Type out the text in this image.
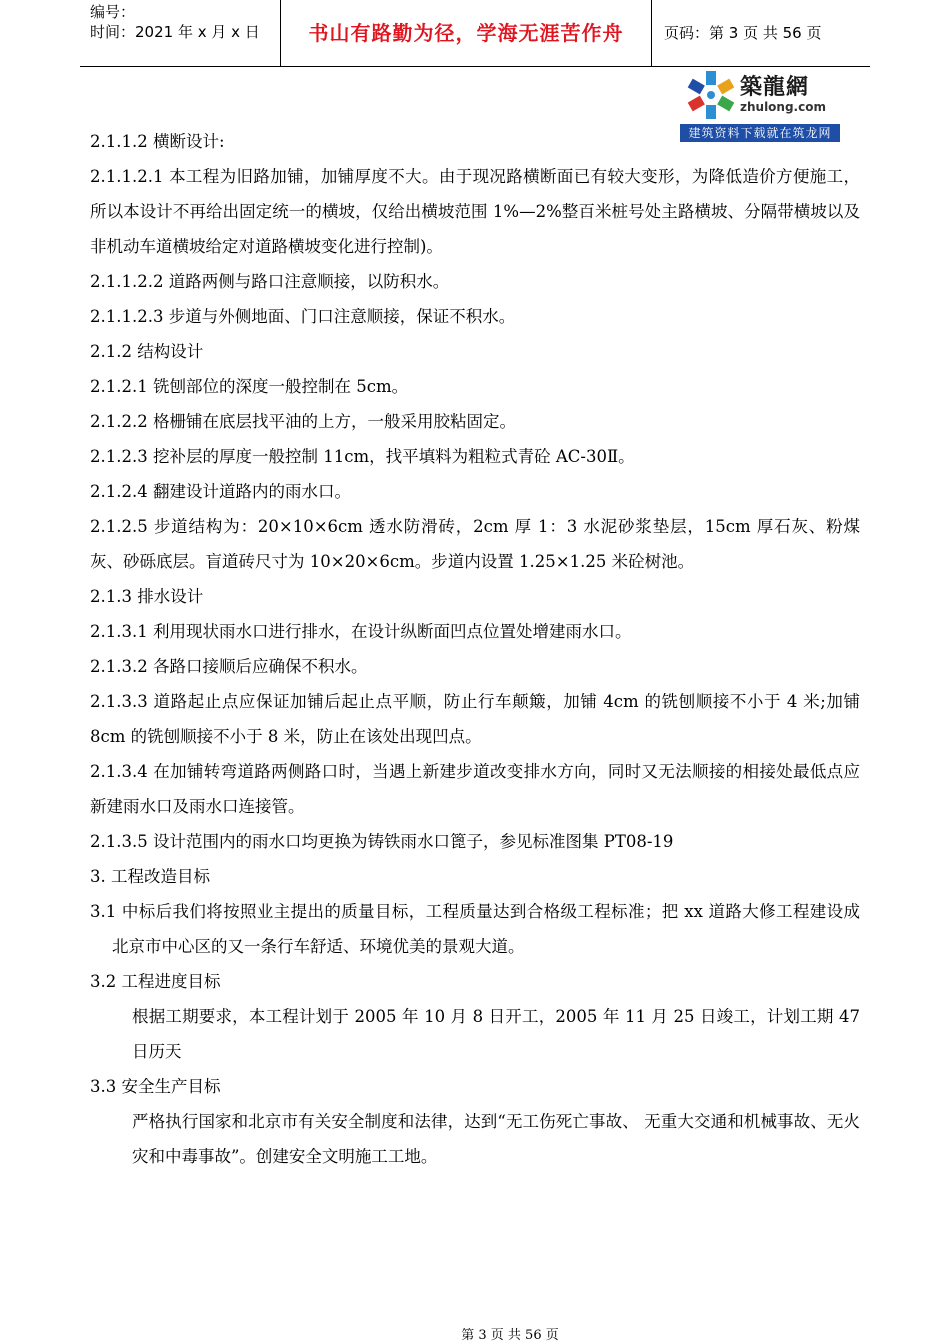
编号：
时间：2021 年 x 月 x 日	书山有路勤为径，学海无涯苦作舟	页码：第 3 页 共 56 页
築龍網
zhulong.com
建筑资料下载就在筑龙网

2.1.1.2 横断设计:

2.1.1.2.1 本工程为旧路加铺，加铺厚度不大。由于现况路横断面已有较大变形，为降低造价方便施工，所以本设计不再给出固定统一的横坡，仅给出横坡范围 1%—2%整百米桩号处主路横坡、分隔带横坡以及非机动车道横坡给定对道路横坡变化进行控制)。

2.1.1.2.2 道路两侧与路口注意顺接，以防积水。

2.1.1.2.3 步道与外侧地面、门口注意顺接，保证不积水。

2.1.2 结构设计

2.1.2.1 铣刨部位的深度一般控制在 5cm。

2.1.2.2 格栅铺在底层找平油的上方，一般采用胶粘固定。

2.1.2.3 挖补层的厚度一般控制 11cm，找平填料为粗粒式青砼 AC-30Ⅱ。

2.1.2.4 翻建设计道路内的雨水口。

2.1.2.5 步道结构为：20×10×6cm 透水防滑砖，2cm 厚 1：3 水泥砂浆垫层，15cm 厚石灰、粉煤灰、砂砾底层。盲道砖尺寸为 10×20×6cm。步道内设置 1.25×1.25 米砼树池。

2.1.3 排水设计

2.1.3.1 利用现状雨水口进行排水，在设计纵断面凹点位置处增建雨水口。

2.1.3.2 各路口接顺后应确保不积水。

2.1.3.3 道路起止点应保证加铺后起止点平顺，防止行车颠簸，加铺 4cm 的铣刨顺接不小于 4 米;加铺 8cm 的铣刨顺接不小于 8 米，防止在该处出现凹点。

2.1.3.4 在加铺转弯道路两侧路口时，当遇上新建步道改变排水方向，同时又无法顺接的相接处最低点应新建雨水口及雨水口连接管。

2.1.3.5 设计范围内的雨水口均更换为铸铁雨水口篦子，参见标准图集 PT08-19

3. 工程改造目标

3.1 中标后我们将按照业主提出的质量目标，工程质量达到合格级工程标准；把 xx 道路大修工程建设成北京市中心区的又一条行车舒适、环境优美的景观大道。

3.2 工程进度目标

根据工期要求，本工程计划于 2005 年 10 月 8 日开工，2005 年 11 月 25 日竣工，计划工期 47 日历天

3.3 安全生产目标

严格执行国家和北京市有关安全制度和法律，达到“无工伤死亡事故、 无重大交通和机械事故、无火灾和中毒事故”。创建安全文明施工工地。

第 3 页 共 56 页
